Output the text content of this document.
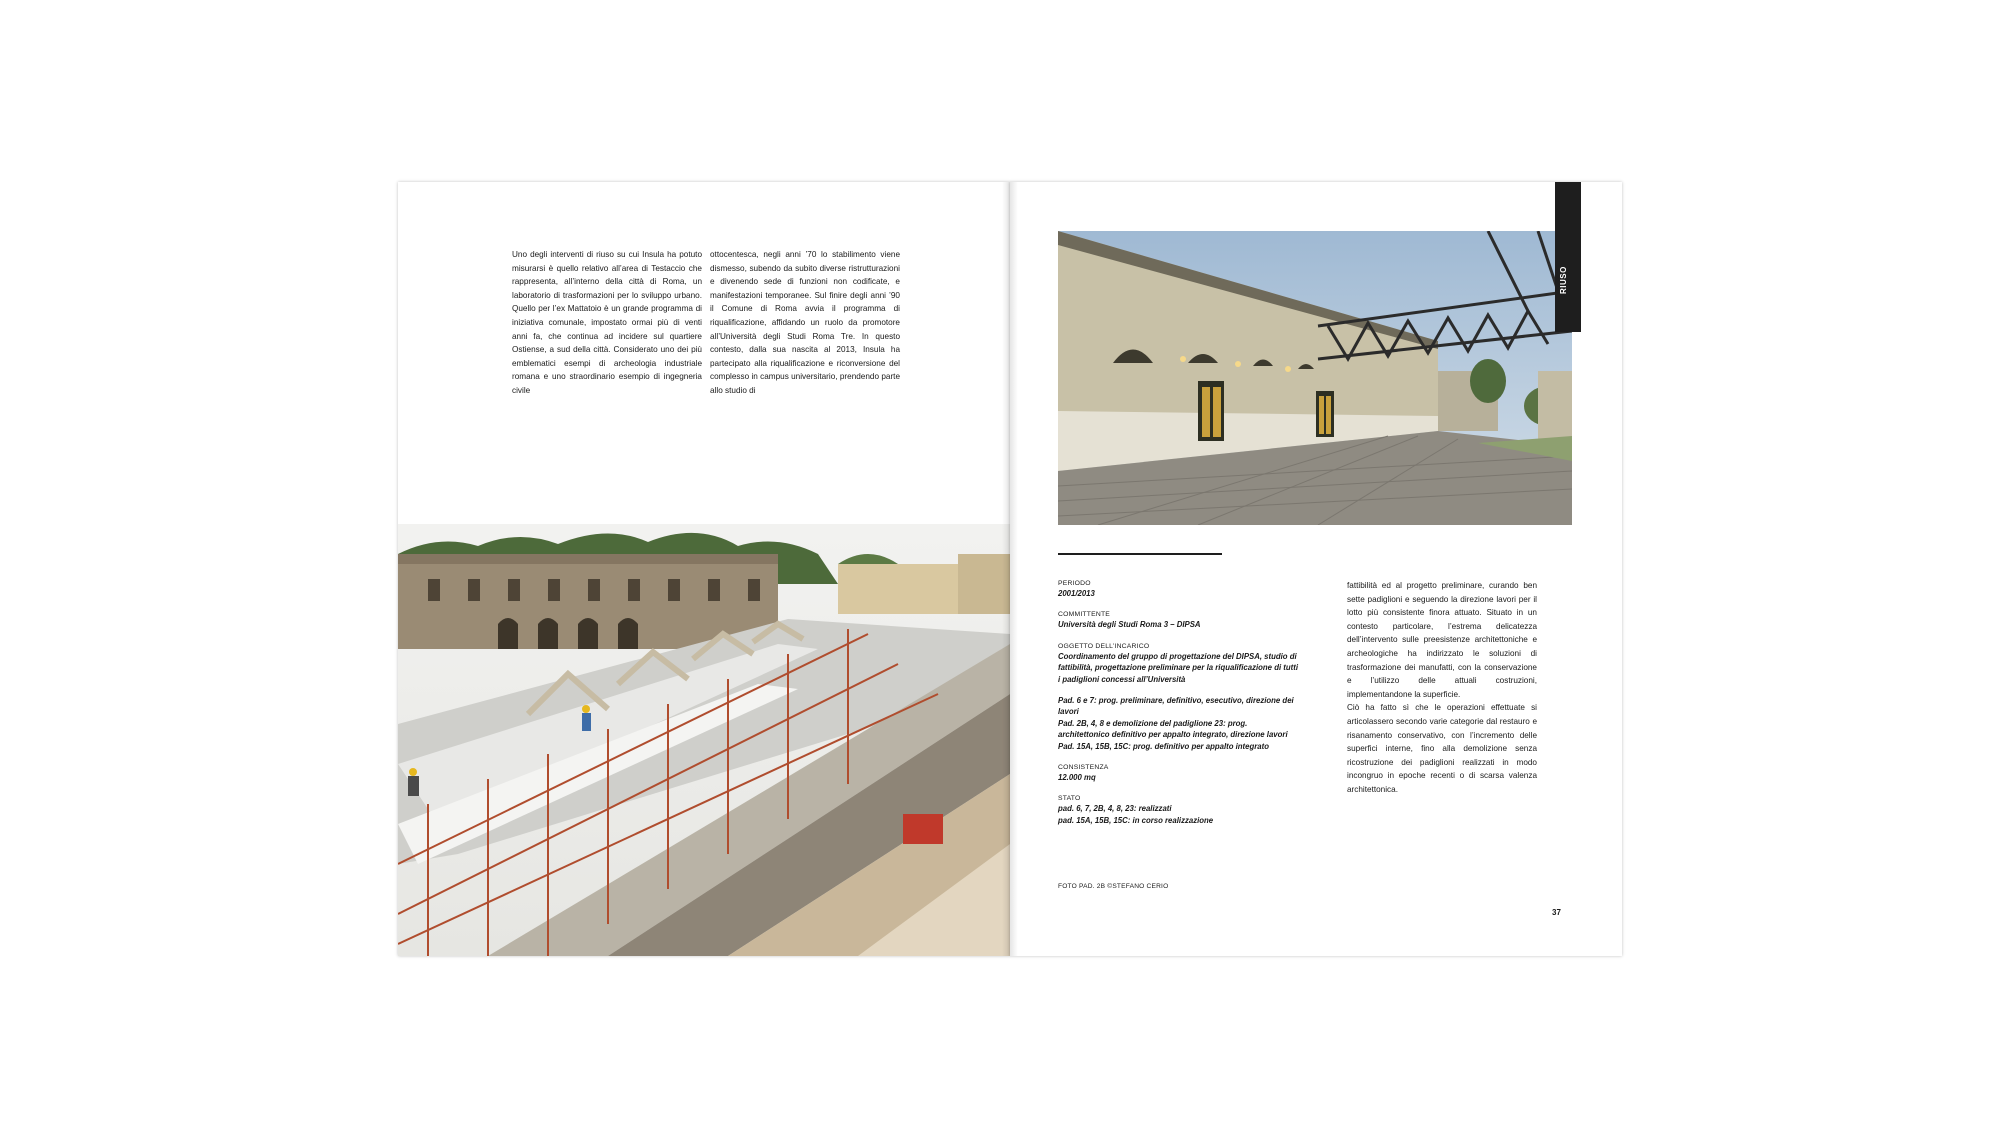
Uno degli interventi di riuso su cui Insula ha potuto misurarsi è quello relativo all’area di Testaccio che rappresenta, all’interno della città di Roma, un laboratorio di trasformazioni per lo sviluppo urbano. Quello per l’ex Mattatoio è un grande programma di iniziativa comunale, impostato ormai più di venti anni fa, che continua ad incidere sul quartiere Ostiense, a sud della città. Considerato uno dei più emblematici esempi di archeologia industriale romana e uno straordinario esempio di ingegneria civile
ottocentesca, negli anni ’70 lo stabilimento viene dismesso, subendo da subito diverse ristrutturazioni e divenendo sede di funzioni non codificate, e manifestazioni temporanee. Sul finire degli anni ’90 il Comune di Roma avvia il programma di riqualificazione, affidando un ruolo da promotore all’Università degli Studi Roma Tre. In questo contesto, dalla sua nascita al 2013, Insula ha partecipato alla riqualificazione e riconversione del complesso in campus universitario, prendendo parte allo studio di
RIUSO
PERIODO

2001/2013

COMMITTENTE

Università degli Studi Roma 3 – DIPSA

OGGETTO DELL’INCARICO

Coordinamento del gruppo di progettazione del DIPSA, studio di fattibilità, progettazione preliminare per la riqualificazione di tutti i padiglioni concessi all’Università

Pad. 6 e 7: prog. preliminare, definitivo, esecutivo, direzione dei lavori

Pad. 2B, 4, 8 e demolizione del padiglione 23: prog. architettonico definitivo per appalto integrato, direzione lavori

Pad. 15A, 15B, 15C: prog. definitivo per appalto integrato

CONSISTENZA

12.000 mq

STATO

pad. 6, 7, 2B, 4, 8, 23: realizzati

pad. 15A, 15B, 15C: in corso realizzazione

fattibilità ed al progetto preliminare, curando ben sette padiglioni e seguendo la direzione lavori per il lotto più consistente finora attuato. Situato in un contesto particolare, l’estrema delicatezza dell’intervento sulle preesistenze architettoniche e archeologiche ha indirizzato le soluzioni di trasformazione dei manufatti, con la conservazione e l’utilizzo delle attuali costruzioni, implementandone la superficie.
Ciò ha fatto sì che le operazioni effettuate si articolassero secondo varie categorie dal restauro e risanamento conservativo, con l’incremento delle superfici interne, fino alla demolizione senza ricostruzione dei padiglioni realizzati in modo incongruo in epoche recenti o di scarsa valenza architettonica.
FOTO PAD. 2B ©STEFANO CERIO
37
